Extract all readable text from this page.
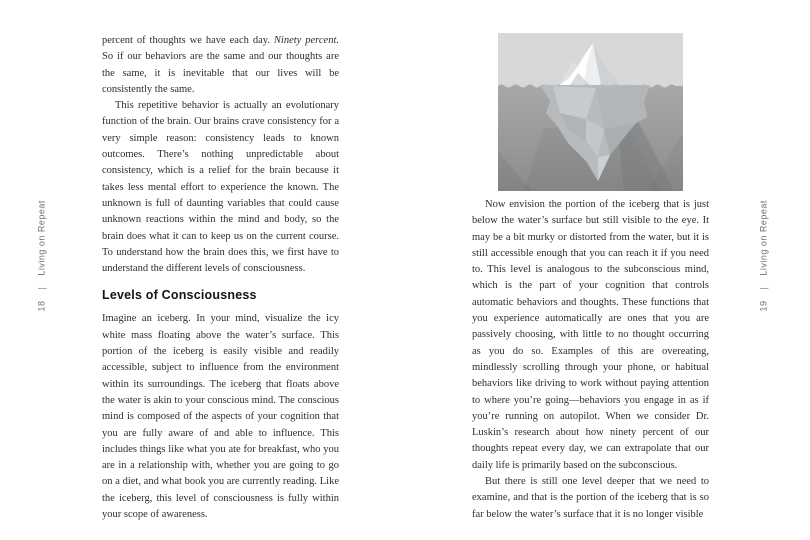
18
|
Living on Repeat

percent of thoughts we have each day. Ninety percent. So if our behaviors are the same and our thoughts are the same, it is inevitable that our lives will be consistently the same.

This repetitive behavior is actually an evolutionary function of the brain. Our brains crave consistency for a very simple reason: consistency leads to known outcomes. There’s nothing unpredictable about consistency, which is a relief for the brain because it takes less mental effort to experience the known. The unknown is full of daunting variables that could cause unknown reactions within the mind and body, so the brain does what it can to keep us on the current course. To understand how the brain does this, we first have to understand the different levels of consciousness.

Levels of Consciousness

Imagine an iceberg. In your mind, visualize the icy white mass floating above the water’s surface. This portion of the iceberg is easily visible and readily accessible, subject to influence from the environment within its surroundings. The iceberg that floats above the water is akin to your conscious mind. The conscious mind is composed of the aspects of your cognition that you are fully aware of and able to influence. This includes things like what you ate for breakfast, who you are in a relationship with, whether you are going to go on a diet, and what book you are currently reading. Like the iceberg, this level of consciousness is fully within your scope of awareness.

Now envision the portion of the iceberg that is just below the water’s surface but still visible to the eye. It may be a bit murky or distorted from the water, but it is still accessible enough that you can reach it if you need to. This level is analogous to the subconscious mind, which is the part of your cognition that controls automatic behaviors and thoughts. These functions that you experience automatically are ones that you are passively choosing, with little to no thought occurring as you do so. Examples of this are overeating, mindlessly scrolling through your phone, or habitual behaviors like driving to work without paying attention to where you’re going—behaviors you engage in as if you’re running on autopilot. When we consider Dr. Luskin’s research about how ninety percent of our thoughts repeat every day, we can extrapolate that our daily life is primarily based on the subconscious.

But there is still one level deeper that we need to examine, and that is the portion of the iceberg that is so far below the water’s surface that it is no longer visible

19
|
Living on Repeat
